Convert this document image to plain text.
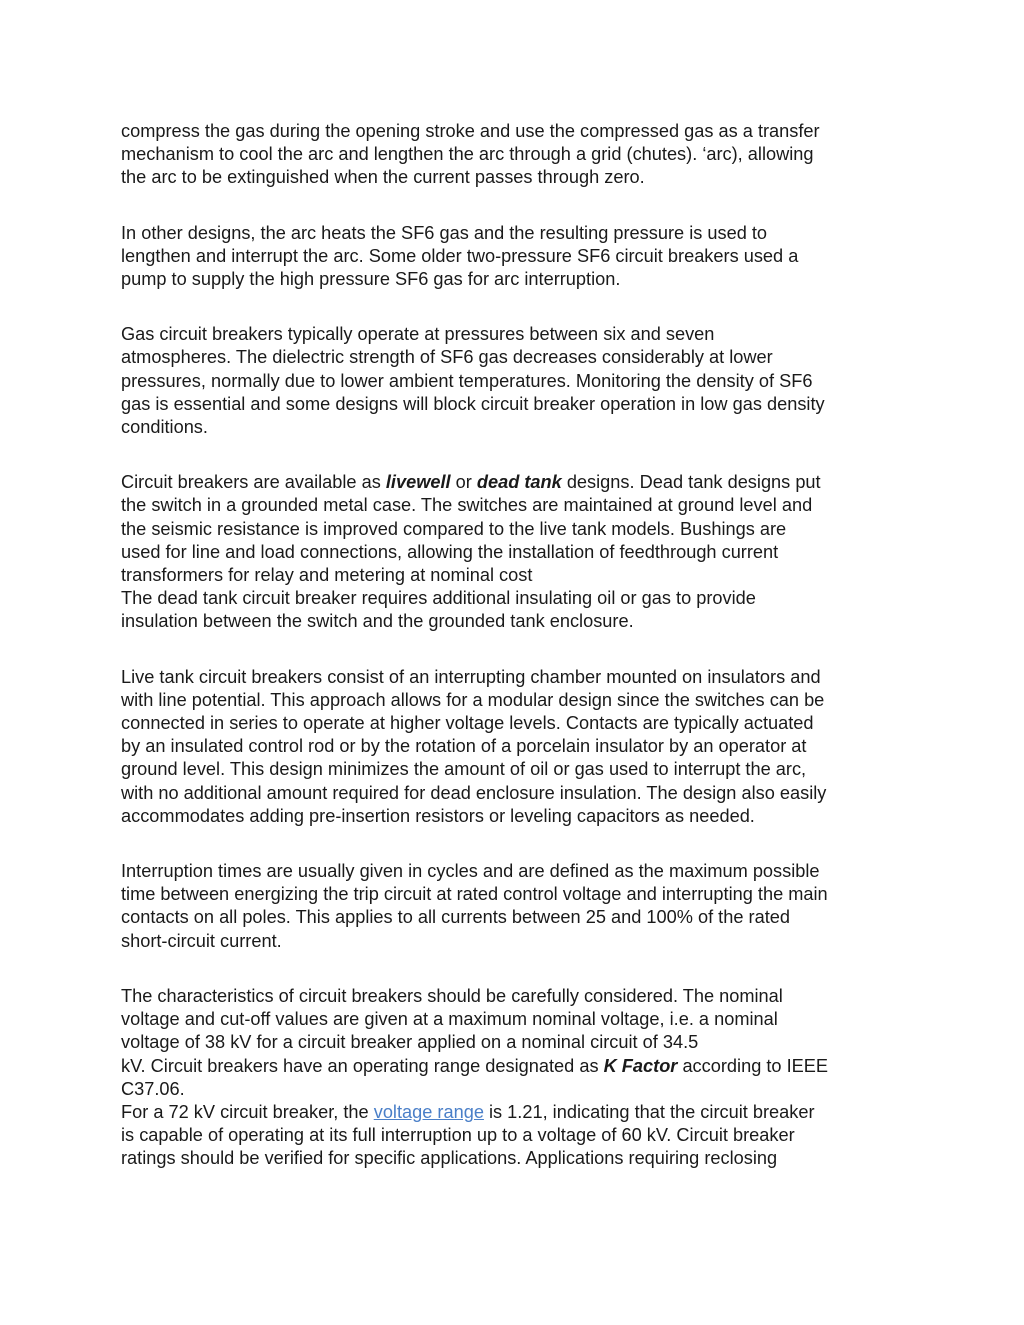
compress the gas during the opening stroke and use the compressed gas as a transfer
mechanism to cool the arc and lengthen the arc through a grid (chutes). ‘arc), allowing
the arc to be extinguished when the current passes through zero.
In other designs, the arc heats the SF6 gas and the resulting pressure is used to
lengthen and interrupt the arc. Some older two-pressure SF6 circuit breakers used a
pump to supply the high pressure SF6 gas for arc interruption.
Gas circuit breakers typically operate at pressures between six and seven
atmospheres. The dielectric strength of SF6 gas decreases considerably at lower
pressures, normally due to lower ambient temperatures. Monitoring the density of SF6
gas is essential and some designs will block circuit breaker operation in low gas density
conditions.
Circuit breakers are available as livewell or dead tank designs. Dead tank designs put
the switch in a grounded metal case. The switches are maintained at ground level and
the seismic resistance is improved compared to the live tank models. Bushings are
used for line and load connections, allowing the installation of feedthrough current
transformers for relay and metering at nominal cost
The dead tank circuit breaker requires additional insulating oil or gas to provide
insulation between the switch and the grounded tank enclosure.
Live tank circuit breakers consist of an interrupting chamber mounted on insulators and
with line potential. This approach allows for a modular design since the switches can be
connected in series to operate at higher voltage levels. Contacts are typically actuated
by an insulated control rod or by the rotation of a porcelain insulator by an operator at
ground level. This design minimizes the amount of oil or gas used to interrupt the arc,
with no additional amount required for dead enclosure insulation. The design also easily
accommodates adding pre-insertion resistors or leveling capacitors as needed.
Interruption times are usually given in cycles and are defined as the maximum possible
time between energizing the trip circuit at rated control voltage and interrupting the main
contacts on all poles. This applies to all currents between 25 and 100% of the rated
short-circuit current.
The characteristics of circuit breakers should be carefully considered. The nominal
voltage and cut-off values are given at a maximum nominal voltage, i.e. a nominal
voltage of 38 kV for a circuit breaker applied on a nominal circuit of 34.5
kV. Circuit breakers have an operating range designated as K Factor according to IEEE
C37.06.
For a 72 kV circuit breaker, the voltage range is 1.21, indicating that the circuit breaker
is capable of operating at its full interruption up to a voltage of 60 kV. Circuit breaker
ratings should be verified for specific applications. Applications requiring reclosing
